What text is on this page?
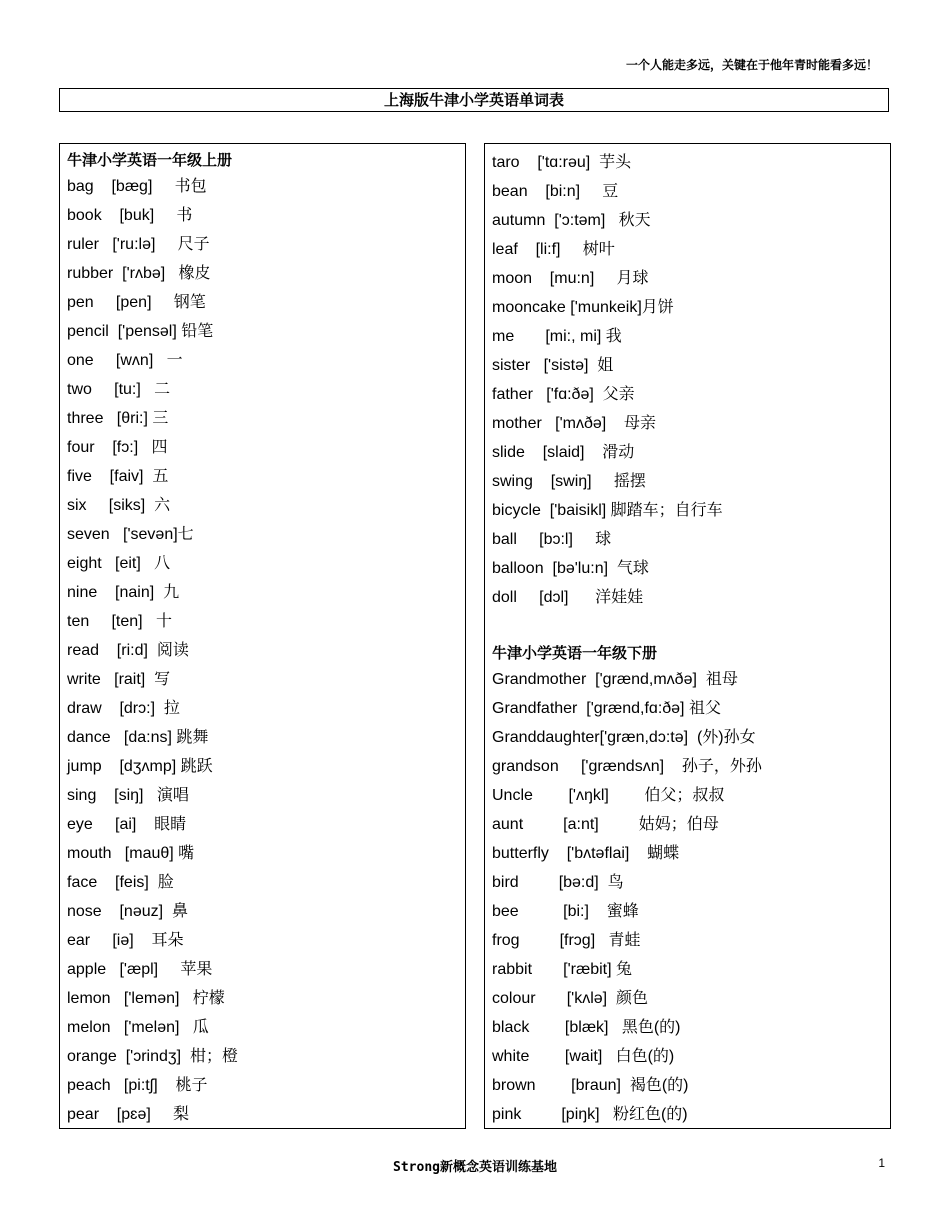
一个人能走多远，关键在于他年青时能看多远！
上海版牛津小学英语单词表
牛津小学英语一年级上册
bag    [bæg]     书包
book    [buk]     书
ruler   ['ru:lə]     尺子
rubber  ['rʌbə]   橡皮
pen     [pen]     钢笔
pencil  ['pensəl] 铅笔
one     [wʌn]   一
two     [tu:]   二
three   [θri:] 三
four    [fɔ:]   四
five    [faiv]  五
six     [siks]  六
seven   ['sevən]七
eight   [eit]   八
nine    [nain]  九
ten     [ten]   十
read    [ri:d]  阅读
write   [rait]  写
draw    [drɔ:]  拉
dance   [da:ns] 跳舞
jump    [dʒʌmp] 跳跃
sing    [siŋ]   演唱
eye     [ai]    眼睛
mouth   [mauθ] 嘴
face    [feis]  脸
nose    [nəuz]  鼻
ear     [iə]    耳朵
apple   ['æpl]     苹果
lemon   ['lemən]   柠檬
melon   ['melən]   瓜
orange  ['ɔrindʒ]  柑；橙
peach   [pi:tʃ]    桃子
pear    [pɛə]     梨
taro    ['tɑ:rəu]  芋头
bean    [bi:n]     豆
autumn  ['ɔ:təm]   秋天
leaf    [li:f]     树叶
moon    [mu:n]     月球
mooncake ['munkeik]月饼
me       [mi:, mi] 我
sister   ['sistə]  姐
father   ['fɑ:ðə]  父亲
mother   ['mʌðə]    母亲
slide    [slaid]    滑动
swing    [swiŋ]     摇摆
bicycle  ['baisikl] 脚踏车；自行车
ball     [bɔ:l]     球
balloon  [bə'lu:n]  气球
doll     [dɔl]      洋娃娃
牛津小学英语一年级下册
Grandmother  ['grænd,mʌðə]  祖母
Grandfather  ['grænd,fɑ:ðə] 祖父
Granddaughter['græn,dɔ:tə]  (外)孙女
grandson     ['grændsʌn]    孙子，外孙
Uncle        ['ʌŋkl]        伯父；叔叔
aunt         [a:nt]         姑妈；伯母
butterfly    ['bʌtəflai]    蝴蝶
bird         [bə:d]  鸟
bee          [bi:]    蜜蜂
frog         [frɔg]   青蛙
rabbit       ['ræbit] 兔
colour       ['kʌlə]  颜色
black        [blæk]   黑色(的)
white        [wait]   白色(的)
brown        [braun]  褐色(的)
pink         [piŋk]   粉红色(的)
Strong新概念英语训练基地	1
